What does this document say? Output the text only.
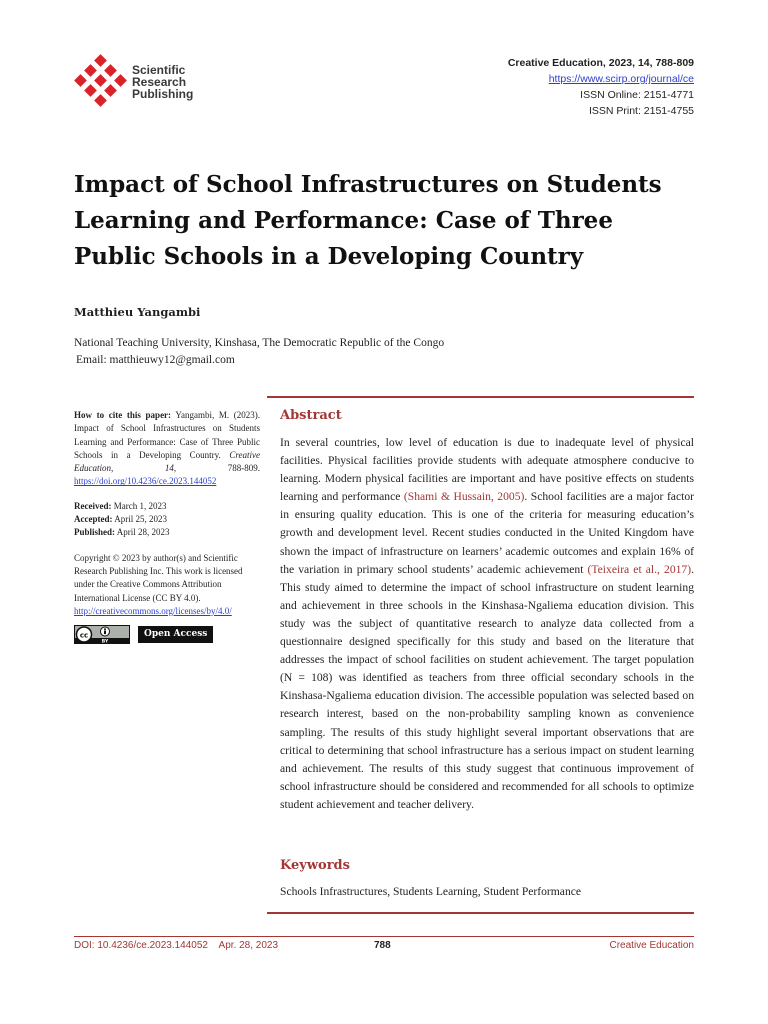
Scientific
Research
Publishing
Creative Education, 2023, 14, 788-809
https://www.scirp.org/journal/ce
ISSN Online: 2151-4771
ISSN Print: 2151-4755
Impact of School Infrastructures on Students Learning and Performance: Case of Three Public Schools in a Developing Country
Matthieu Yangambi
National Teaching University, Kinshasa, The Democratic Republic of the Congo
Email: matthieuwy12@gmail.com

How to cite this paper: Yangambi, M. (2023). Impact of School Infrastructures on Students Learning and Performance: Case of Three Public Schools in a Developing Country. Creative Education, 14,	788-809. https://doi.org/10.4236/ce.2023.144052

Received: March 1, 2023
Accepted: April 25, 2023
Published: April 28, 2023

Copyright © 2023 by author(s) and Scientific Research Publishing Inc. This work is licensed under the Creative Commons Attribution International License (CC BY 4.0).
http://creativecommons.org/licenses/by/4.0/

cc
BY
Open Access
Abstract

In several countries, low level of education is due to inadequate level of physical facilities. Physical facilities provide students with adequate atmosphere conducive to learning. Modern physical facilities are important and have positive effects on students learning and performance (Shami & Hussain, 2005). School facilities are a major factor in ensuring quality education. This is one of the criteria for measuring education’s growth and development level. Recent studies conducted in the United Kingdom have shown the impact of infrastructure on learners’ academic outcomes and explain 16% of the variation in primary school students’ academic achievement (Teixeira et al., 2017). This study aimed to determine the impact of school infrastructure on student learning and achievement in three schools in the Kinshasa-Ngaliema education division. This study was the subject of quantitative research to analyze data collected from a questionnaire designed specifically for this study and based on the literature that addresses the impact of school facilities on student achievement. The target population (N = 108) was identified as teachers from three official secondary schools in the Kinshasa-Ngaliema education division. The accessible population was selected based on research interest, based on the non-probability sampling known as convenience sampling. The results of this study highlight several important observations that are critical to determining that school infrastructure has a serious impact on student learning and achievement. The results of this study suggest that continuous improvement of school infrastructure should be considered and recommended for all schools to optimize student achievement and teacher delivery.

Keywords
Schools Infrastructures, Students Learning, Student Performance
DOI: 10.4236/ce.2023.144052    Apr. 28, 2023	788	Creative Education
